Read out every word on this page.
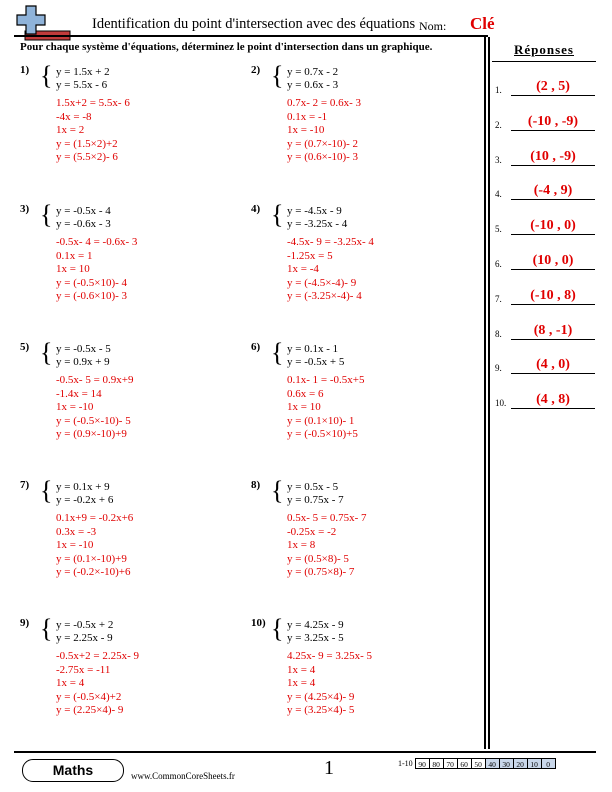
Identification du point d'intersection avec des équations Nom: Clé
Pour chaque système d'équations, déterminez le point d'intersection dans un graphique.	Réponses
1.	(2 , 5)
2.	(-10 , -9)
3.	(10 , -9)
4.	(-4 , 9)
5.	(-10 , 0)
6.	(10 , 0)
7.	(-10 , 8)
8.	(8 , -1)
9.	(4 , 0)
10.	(4 , 8)
1) { y = 1.5x + 2
y = 5.5x - 6
1.5x+2 = 5.5x- 6
-4x = -8
1x = 2
y = (1.5×2)+2
y = (5.5×2)- 6
2) { y = 0.7x - 2
y = 0.6x - 3
0.7x- 2 = 0.6x- 3
0.1x = -1
1x = -10
y = (0.7×-10)- 2
y = (0.6×-10)- 3
3) { y = -0.5x - 4
y = -0.6x - 3
-0.5x- 4 = -0.6x- 3
0.1x = 1
1x = 10
y = (-0.5×10)- 4
y = (-0.6×10)- 3
4) { y = -4.5x - 9
y = -3.25x - 4
-4.5x- 9 = -3.25x- 4
-1.25x = 5
1x = -4
y = (-4.5×-4)- 9
y = (-3.25×-4)- 4
5) { y = -0.5x - 5
y = 0.9x + 9
-0.5x- 5 = 0.9x+9
-1.4x = 14
1x = -10
y = (-0.5×-10)- 5
y = (0.9×-10)+9
6) { y = 0.1x - 1
y = -0.5x + 5
0.1x- 1 = -0.5x+5
0.6x = 6
1x = 10
y = (0.1×10)- 1
y = (-0.5×10)+5
7) { y = 0.1x + 9
y = -0.2x + 6
0.1x+9 = -0.2x+6
0.3x = -3
1x = -10
y = (0.1×-10)+9
y = (-0.2×-10)+6
8) { y = 0.5x - 5
y = 0.75x - 7
0.5x- 5 = 0.75x- 7
-0.25x = -2
1x = 8
y = (0.5×8)- 5
y = (0.75×8)- 7
9) { y = -0.5x + 2
y = 2.25x - 9
-0.5x+2 = 2.25x- 9
-2.75x = -11
1x = 4
y = (-0.5×4)+2
y = (2.25×4)- 9
10) { y = 4.25x - 9
y = 3.25x - 5
4.25x- 9 = 3.25x- 5
1x = 4
1x = 4
y = (4.25×4)- 9
y = (3.25×4)- 5
Maths	www.CommonCoreSheets.fr	1	1-10 90 80 70 60 50 40 30 20 10	0
